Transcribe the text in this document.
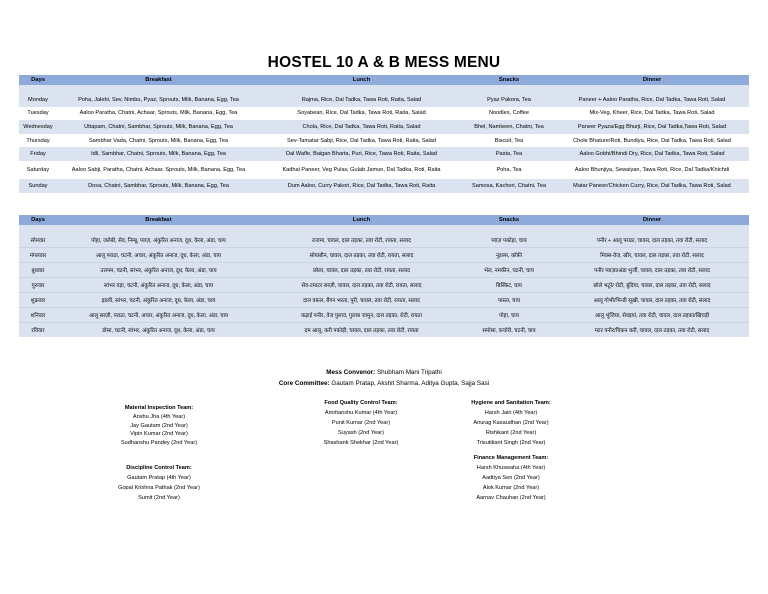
HOSTEL 10 A & B MESS MENU
Days	Breakfast	Lunch	Snacks	Dinner

Monday	Poha, Jalebi, Sev, Nimbu, Pyaz, Sprouts, Milk, Banana, Egg, Tea	Rajma, Rice, Dal Tadka, Tawa Roti, Raita, Salad	Pyaz Pakora, Tea	Paneer + Aaloo Paratha, Rice, Dal Tadka, Tawa Roti, Salad
Tuesday	Aaloo Paratha, Chatni, Achaar, Sprouts, Milk, Banana, Egg, Tea	Soyabean, Rice, Dal Tadka, Tawa Roti, Raita, Salad	Noodles, Coffee	Mix-Veg, Kheer, Rice, Dal Tadka, Tawa Roti, Salad
Wednesday	Uttapam, Chatni, Sambhar, Sprouts, Milk, Banana, Egg, Tea	Chola, Rice, Dal Tadka, Tawa Roti, Raita, Salad	Bhel, Namkeen, Chatni, Tea	Paneer Pyaza/Egg Bhurji, Rice, Dal Tadka,Tawa Roti, Salad
Thursday	Sambhar Vada, Chatni, Sprouts, Milk, Banana, Egg, Tea	Sev-Tamatar Sabji, Rice, Dal Tadka, Tawa Roti, Raita, Salad	Biscuit, Tea	Chole Bhature/Roti, Bundiya, Rice, Dal Tadka, Tawa Roti, Salad
Friday	Idli, Sambhar, Chatni, Sprouts, Milk, Banana, Egg, Tea	Dal Wafle, Baigan Bharta, Puri, Rice, Tawa Roti, Raita, Salad	Pasta, Tea	Aaloo Gobhi/Bhindi Dry, Rice, Dal Tadka, Tawa Roti, Salad
Saturday	Aaloo Sabji, Paratha, Chatni, Achaar, Sprouts, Milk, Banana, Egg, Tea	Kadhai Paneer, Veg Pulav, Gulab Jamun, Dal Tadka, Roti, Raita	Poha, Tea	Aaloo Bhunjiya, Sewaiyan, Tawa Roti, Rice, Dal Tadka/Khichdi
Sunday	Dosa, Chatni, Sambhar, Sprouts, Milk, Banana, Egg, Tea	Dum Aaloo, Curry Pakori, Rice, Dal Tadka, Tawa Roti, Raita	Samosa, Kachori, Chatni, Tea	Matar Paneer/Chicken Curry, Rice, Dal Tadka, Tawa Roti, Salad
Days	Breakfast	Lunch	Snacks	Dinner

सोमवार	पोहा, जलेबी, सेव, निम्बू, प्याज़, अंकुरित अनाज, दूध, केला, अंडा, चाय	राजमा, चावल, दाल तड़का, तवा रोटी, रायता, सलाद	प्याज़ पकोड़ा, चाय	पनीर + आलू पराठा, चावल, दाल तड़का, तवा रोटी, सलाद
मंगलवार	आलू पराठा, चटनी, अचार, अंकुरित अनाज, दूध, केला, अंडा, चाय	सोयाबीन, चावल, दाल तड़का, तवा रोटी, रायता, सलाद	नूडल्स, कॉफ़ी	मिक्स-वेज, खीर, चावल, दाल तड़का, तवा रोटी, सलाद
बुधवार	उत्तपम, चटनी, सांभर, अंकुरित अनाज, दूध, केला, अंडा, चाय	छोला, चावल, दाल तड़का, तवा रोटी, रायता, सलाद	भेल, नमकीन, चटनी, चाय	पनीर प्याज़ा/अंडा भुर्जी, चावल, दाल तड़का, तवा रोटी, सलाद
गुरुवार	सांभर वड़ा, चटनी, अंकुरित अनाज, दूध, केला, अंडा, चाय	सेव-टमाटर सब्ज़ी, चावल, दाल तड़का, तवा रोटी, रायता, सलाद	बिस्किट, चाय	छोले भटूरे/ रोटी, बुंदिया, चावल, दाल तड़का, तवा रोटी, सलाद
शुक्रवार	इडली, सांभर, चटनी, अंकुरित अनाज, दूध, केला, अंडा, चाय	दाल वफ़ल, बैंगन भरता, पूरी, चावल, तवा रोटी, रायता, सलाद	पास्ता, चाय	आलू गोभी/भिन्डी सूखी, चावल, दाल तड़का, तवा रोटी, सलाद
शनिवार	आलू सब्ज़ी, पराठा, चटनी, अचार, अंकुरित अनाज, दूध, केला, अंडा, चाय	कढ़ाई पनीर, वेज पुलाव, गुलाब जामुन, दाल तड़का, रोटी, रायता	पोहा, चाय	आलू भुंजिया, सेवइयां, तवा रोटी, चावल, दाल तड़का/खिचड़ी
रविवार	डोसा, चटनी, सांभर, अंकुरित अनाज, दूध, केला, अंडा, चाय	दम आलू, करी पकोड़ी, चावल, दाल तड़का, तवा रोटी, रायता	समोसा, कचोरी, चटनी, चाय	मटर पनीर/चिकन करी, चावल, दाल तड़का, तवा रोटी, सलाद
Mess Convenor: Shubham Mani Tripathi
Core Committee: Gautam Pratap, Akshit Sharma, Aditya Gupta, Sajja Sasi
Material Inspection Team:
Anshu Jha (4th Year)
Jay Gautam (2nd Year)
Vipin Kumar (2nd Year)
Sudhanshu Pandey (2nd Year)
Food Quality Control Team:
Amritanshu Kumar (4th Year)
Punit Kumar (2nd Year)
Suyash (2nd Year)
Shashank Shekhar (2nd Year)
Hygiene and Sanitation Team:
Harsh Jain (4th Year)
Anurag Kasaudhan (2nd Year)
Rishikant (2nd Year)
Trisutikant Singh (2nd Year)
Discipline Control Team:
Gautam Pratap (4th Year)
Gopal Krishna Pathak (2nd Year)
Sumit (2nd Year)
Finance Management Team:
Harsh Khuswaha (4th Year)
Aaditya Sen (2nd Year)
Alok Kumar (2nd Year)
Aarnav Chauhan (2nd Year)
